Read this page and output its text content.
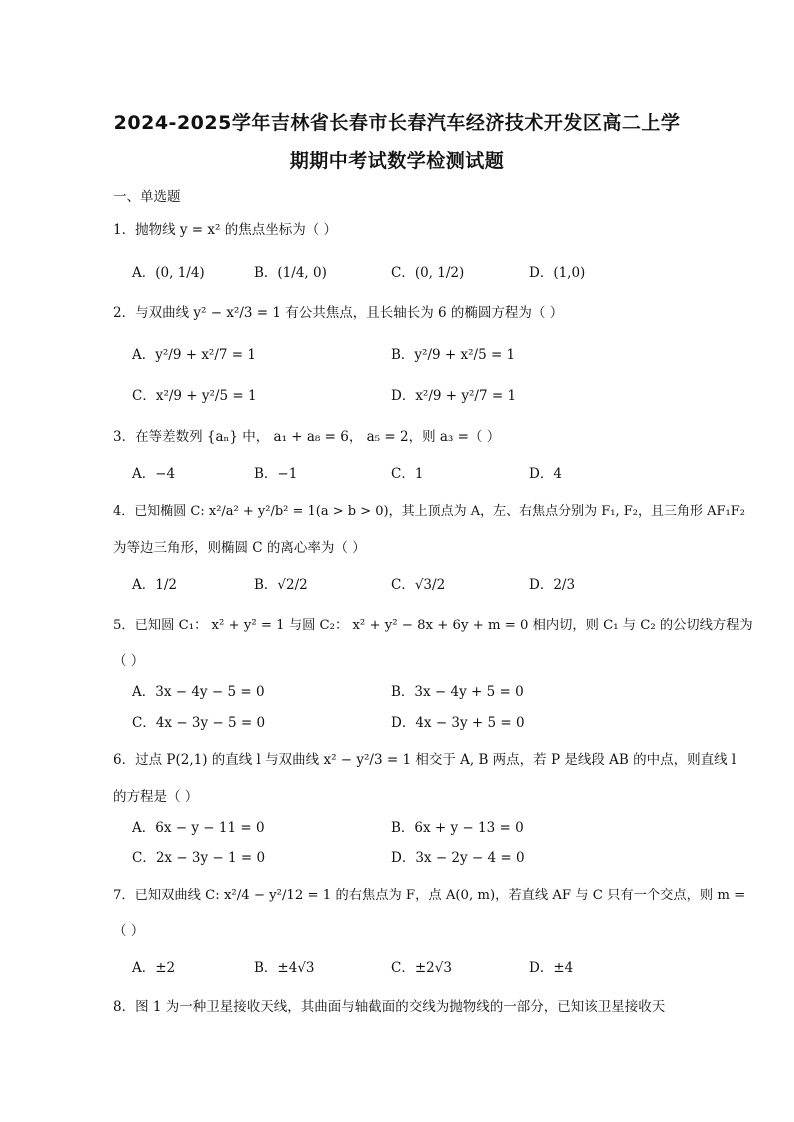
2024-2025学年吉林省长春市长春汽车经济技术开发区高二上学
期期中考试数学检测试题
一、单选题
1．抛物线 y = x² 的焦点坐标为（ ）
A．(0, 1/4)	B．(1/4, 0)	C．(0, 1/2)	D．(1,0)
2．与双曲线 y² − x²/3 = 1 有公共焦点，且长轴长为 6 的椭圆方程为（ ）
A．y²/9 + x²/7 = 1	B．y²/9 + x²/5 = 1
C．x²/9 + y²/5 = 1	D．x²/9 + y²/7 = 1
3．在等差数列 {aₙ} 中， a₁ + a₈ = 6， a₅ = 2，则 a₃ =（ ）
A．−4	B．−1	C．1	D．4
4．已知椭圆 C: x²/a² + y²/b² = 1(a > b > 0)，其上顶点为 A，左、右焦点分别为 F₁, F₂，且三角形 AF₁F₂
为等边三角形，则椭圆 C 的离心率为（ ）
A．1/2	B．√2/2	C．√3/2	D．2/3
5．已知圆 C₁： x² + y² = 1 与圆 C₂： x² + y² − 8x + 6y + m = 0 相内切，则 C₁ 与 C₂ 的公切线方程为
（ ）
A．3x − 4y − 5 = 0	B．3x − 4y + 5 = 0
C．4x − 3y − 5 = 0	D．4x − 3y + 5 = 0
6．过点 P(2,1) 的直线 l 与双曲线 x² − y²/3 = 1 相交于 A, B 两点，若 P 是线段 AB 的中点，则直线 l
的方程是（ ）
A．6x − y − 11 = 0	B．6x + y − 13 = 0
C．2x − 3y − 1 = 0	D．3x − 2y − 4 = 0
7．已知双曲线 C: x²/4 − y²/12 = 1 的右焦点为 F，点 A(0, m)，若直线 AF 与 C 只有一个交点，则 m =
（ ）
A．±2	B．±4√3	C．±2√3	D．±4
8．图 1 为一种卫星接收天线，其曲面与轴截面的交线为抛物线的一部分，已知该卫星接收天
